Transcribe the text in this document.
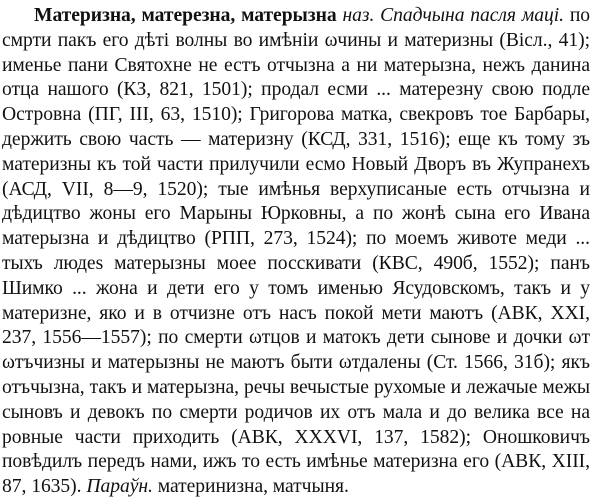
Материзна, матерезна, матерызна наз. Спадчына пасля маці. по смрти пакъ его дѣті волны во имѣніи ωчины и материзны (Вісл., 41); именье пани Святохне не естъ отчызна а ни матерызна, нежъ данина отца нашого (КЗ, 821, 1501); продал есми ... матерезну свою подле Островна (ПГ, III, 63, 1510); Григорова матка, свекровъ тое Барбары, держить свою часть — материзну (КСД, 331, 1516); еще къ тому зъ материзны къ той части прилучили есмо Новый Дворъ въ Жупранехъ (АСД, VII, 8—9, 1520); тые имѣнья верхуписаные есть отчызна и дѣдицтво жоны его Марыны Юрковны, а по жонѣ сына его Ивана матерызна и дѣдицтво (РПП, 273, 1524); по моемъ животе меди ... тыхъ людеѕ матерызны моее посскивати (КВС, 490б, 1552); панъ Шимко ... жона и дети его у томъ именью Ясудовскомъ, такъ и у материзне, яко и в отчизне отъ насъ покой мети маютъ (АВК, XXI, 237, 1556—1557); по смерти ωтцов и матокъ дети сынове и дочки ωт ωтъчизны и матерызны не маютъ быти ωтдалены (Ст. 1566, 31б); якъ отъчызна, такъ и матерызна, речы вечыстые рухомые и лежачые межы сыновъ и девокъ по смерти родичов их отъ мала и до велика все на ровные части приходить (АВК, XXXVI, 137, 1582); Оношковичъ повѣдилъ передъ нами, ижъ то есть имѣнье материзна его (АВК, XIII, 87, 1635). Параўн. материнизна, матчыня.
